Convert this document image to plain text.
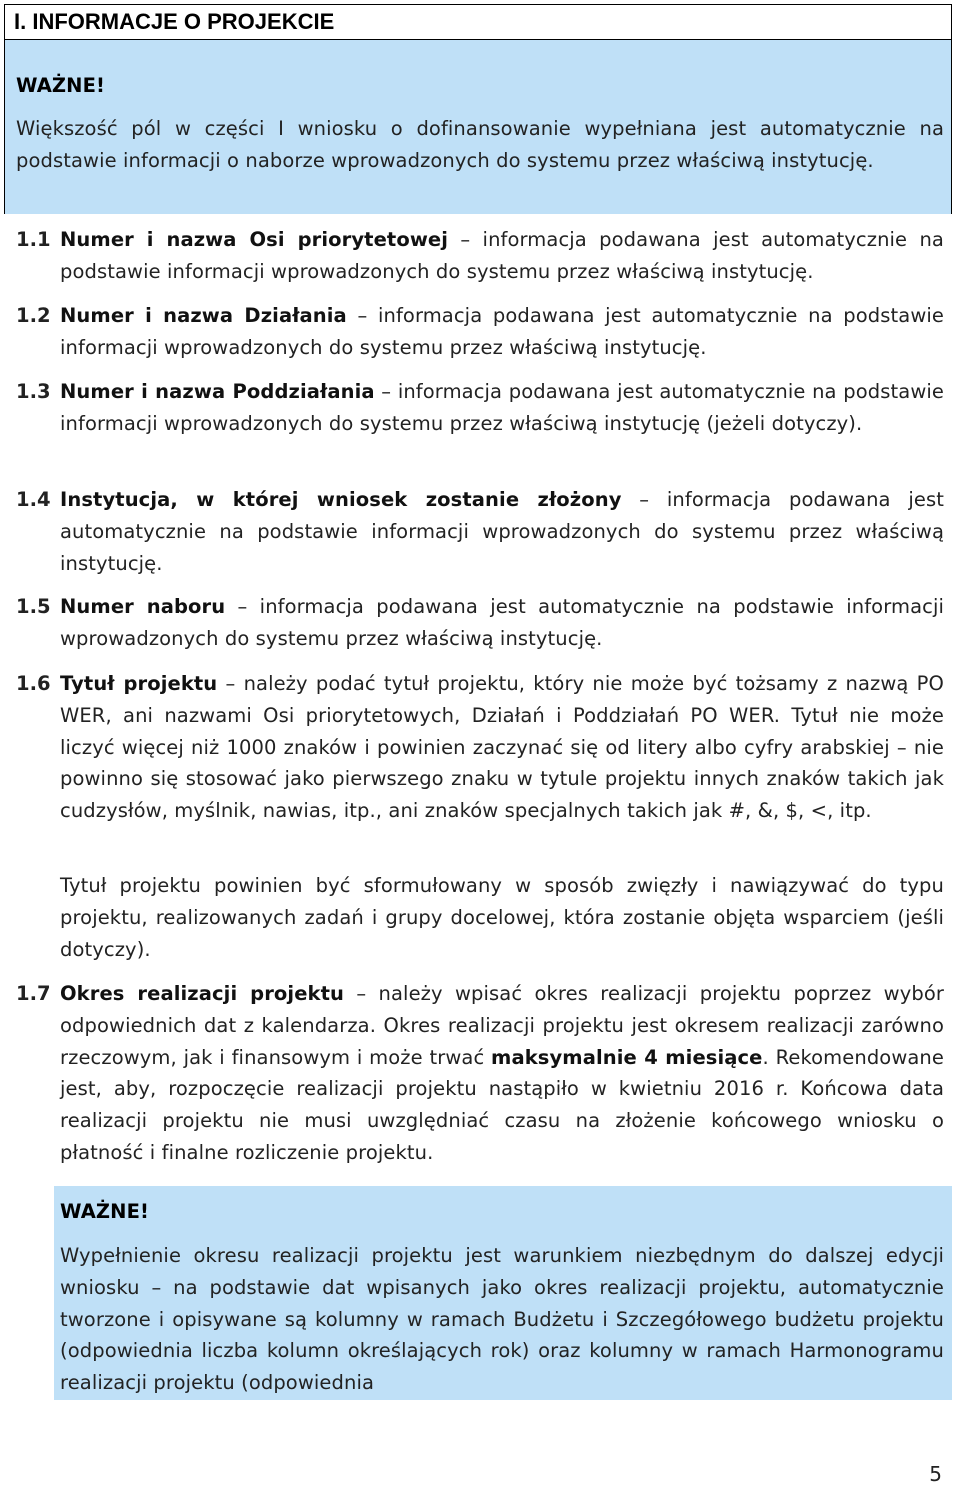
I. INFORMACJE O PROJEKCIE
WAŻNE!
Większość pól w części I wniosku o dofinansowanie wypełniana jest automatycznie na podstawie informacji o naborze wprowadzonych do systemu przez właściwą instytucję.
1.1 Numer i nazwa Osi priorytetowej – informacja podawana jest automatycznie na podstawie informacji wprowadzonych do systemu przez właściwą instytucję.
1.2 Numer i nazwa Działania – informacja podawana jest automatycznie na podstawie informacji wprowadzonych do systemu przez właściwą instytucję.
1.3 Numer i nazwa Poddziałania – informacja podawana jest automatycznie na podstawie informacji wprowadzonych do systemu przez właściwą instytucję (jeżeli dotyczy).
1.4 Instytucja, w której wniosek zostanie złożony – informacja podawana jest automatycznie na podstawie informacji wprowadzonych do systemu przez właściwą instytucję.
1.5 Numer naboru – informacja podawana jest automatycznie na podstawie informacji wprowadzonych do systemu przez właściwą instytucję.
1.6 Tytuł projektu – należy podać tytuł projektu, który nie może być tożsamy z nazwą PO WER, ani nazwami Osi priorytetowych, Działań i Poddziałań PO WER. Tytuł nie może liczyć więcej niż 1000 znaków i powinien zaczynać się od litery albo cyfry arabskiej – nie powinno się stosować jako pierwszego znaku w tytule projektu innych znaków takich jak cudzysłów, myślnik, nawias, itp., ani znaków specjalnych takich jak #, &, $, <, itp.
Tytuł projektu powinien być sformułowany w sposób zwięzły i nawiązywać do typu projektu, realizowanych zadań i grupy docelowej, która zostanie objęta wsparciem (jeśli dotyczy).
1.7 Okres realizacji projektu – należy wpisać okres realizacji projektu poprzez wybór odpowiednich dat z kalendarza. Okres realizacji projektu jest okresem realizacji zarówno rzeczowym, jak i finansowym i może trwać maksymalnie 4 miesiące. Rekomendowane jest, aby, rozpoczęcie realizacji projektu nastąpiło w kwietniu 2016 r. Końcowa data realizacji projektu nie musi uwzględniać czasu na złożenie końcowego wniosku o płatność i finalne rozliczenie projektu.
WAŻNE!
Wypełnienie okresu realizacji projektu jest warunkiem niezbędnym do dalszej edycji wniosku – na podstawie dat wpisanych jako okres realizacji projektu, automatycznie tworzone i opisywane są kolumny w ramach Budżetu i Szczegółowego budżetu projektu (odpowiednia liczba kolumn określających rok) oraz kolumny w ramach Harmonogramu realizacji projektu (odpowiednia
5
